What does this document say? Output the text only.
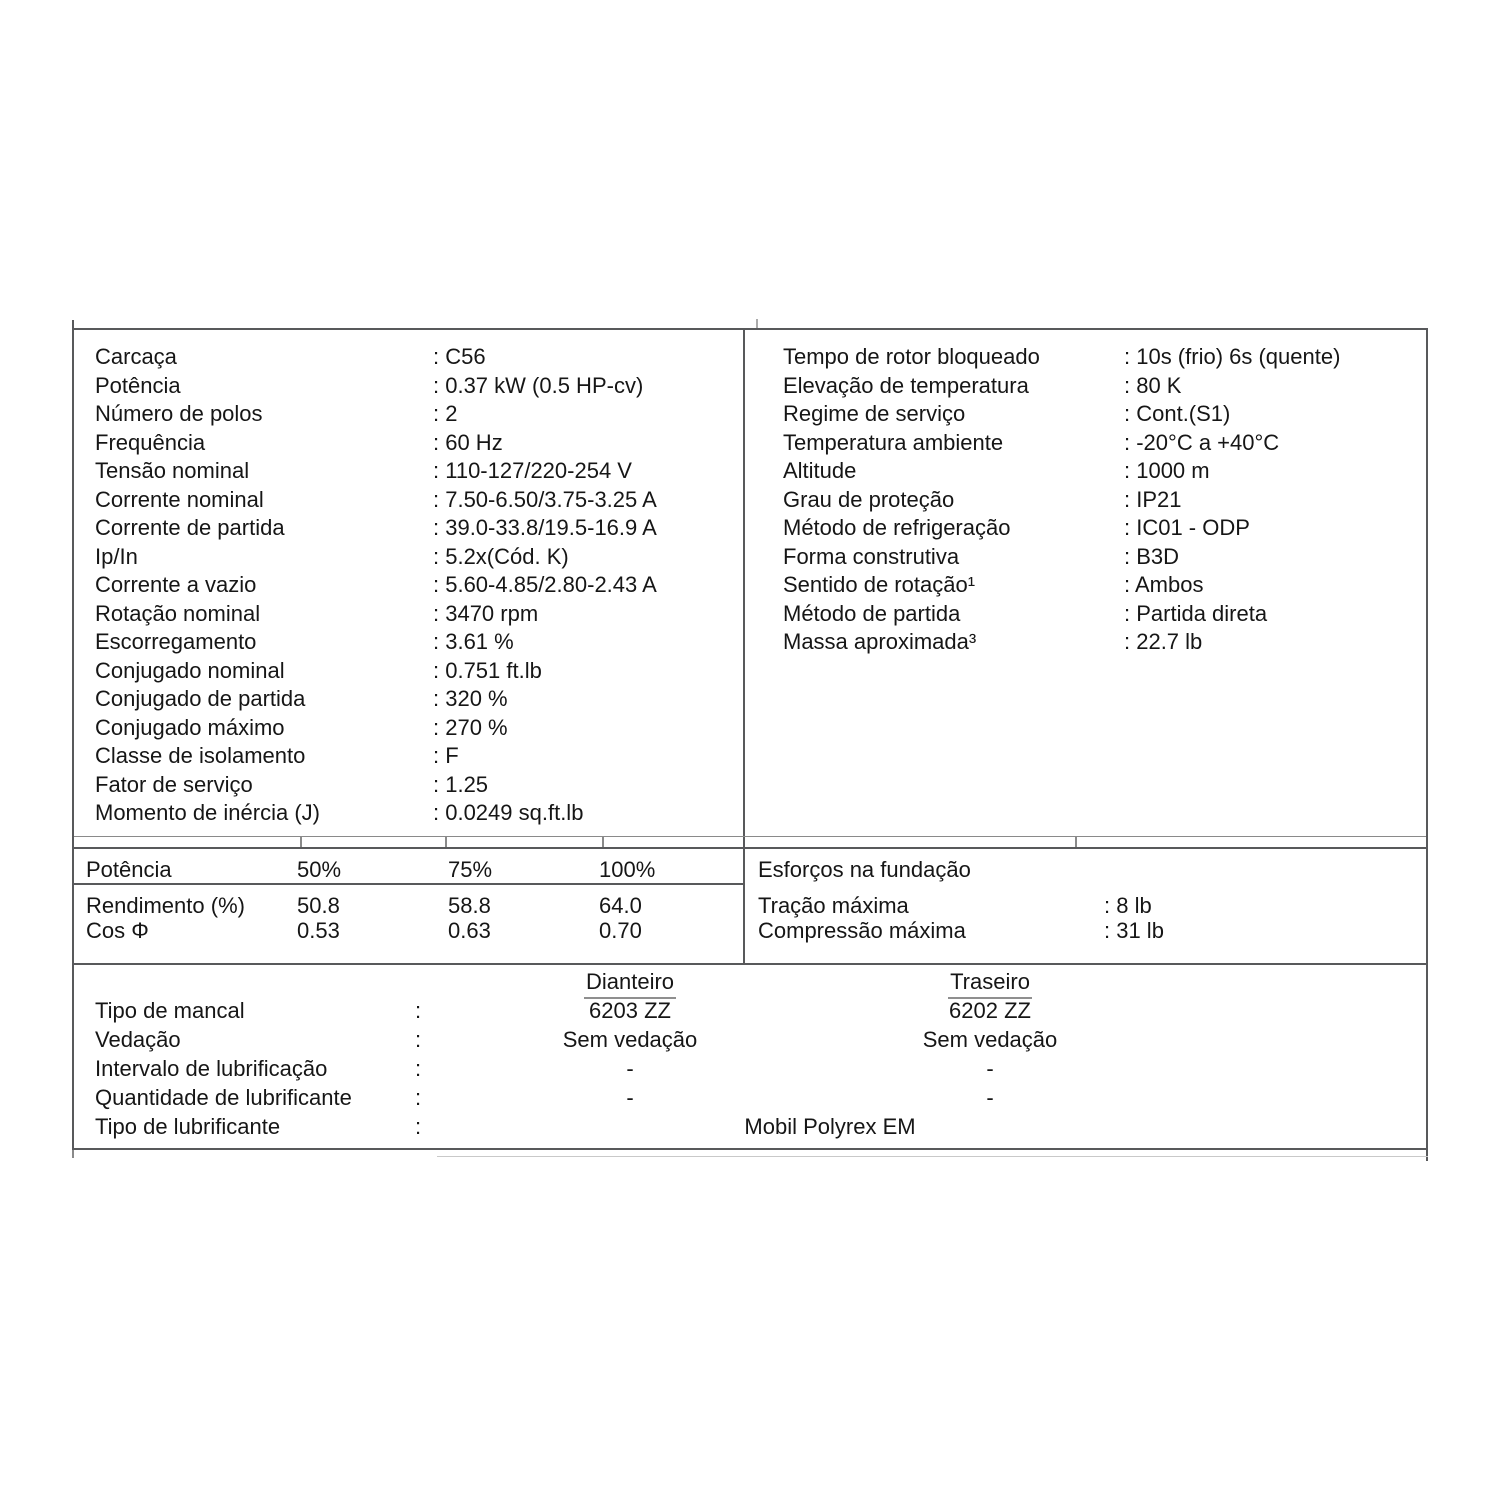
Carcaça	: C56
Potência	: 0.37 kW (0.5 HP-cv)
Número de polos	: 2
Frequência	: 60 Hz
Tensão nominal	: 110-127/220-254 V
Corrente nominal	: 7.50-6.50/3.75-3.25 A
Corrente de partida	: 39.0-33.8/19.5-16.9 A
Ip/In	: 5.2x(Cód. K)
Corrente a vazio	: 5.60-4.85/2.80-2.43 A
Rotação nominal	: 3470 rpm
Escorregamento	: 3.61 %
Conjugado nominal	: 0.751 ft.lb
Conjugado de partida	: 320 %
Conjugado máximo	: 270 %
Classe de isolamento	: F
Fator de serviço	: 1.25
Momento de inércia (J)	: 0.0249 sq.ft.lb
Tempo de rotor bloqueado	: 10s (frio) 6s (quente)
Elevação de temperatura	: 80 K
Regime de serviço	: Cont.(S1)
Temperatura ambiente	: -20°C a +40°C
Altitude	: 1000 m
Grau de proteção	: IP21
Método de refrigeração	: IC01 - ODP
Forma construtiva	: B3D
Sentido de rotação¹	: Ambos
Método de partida	: Partida direta
Massa aproximada³	: 22.7 lb
Potência	50%	75%	100%
Rendimento (%) 50.8	58.8	64.0
Cos Φ	0.53	0.63	0.70
Esforços na fundação
Tração máxima	: 8 lb
Compressão máxima	: 31 lb
Dianteiro	Traseiro
Tipo de mancal	:	6203 ZZ	6202 ZZ
Vedação	:	Sem vedação	Sem vedação
Intervalo de lubrificação	:	-	-
Quantidade de lubrificante	:	-	-
Tipo de lubrificante	:	Mobil Polyrex EM
